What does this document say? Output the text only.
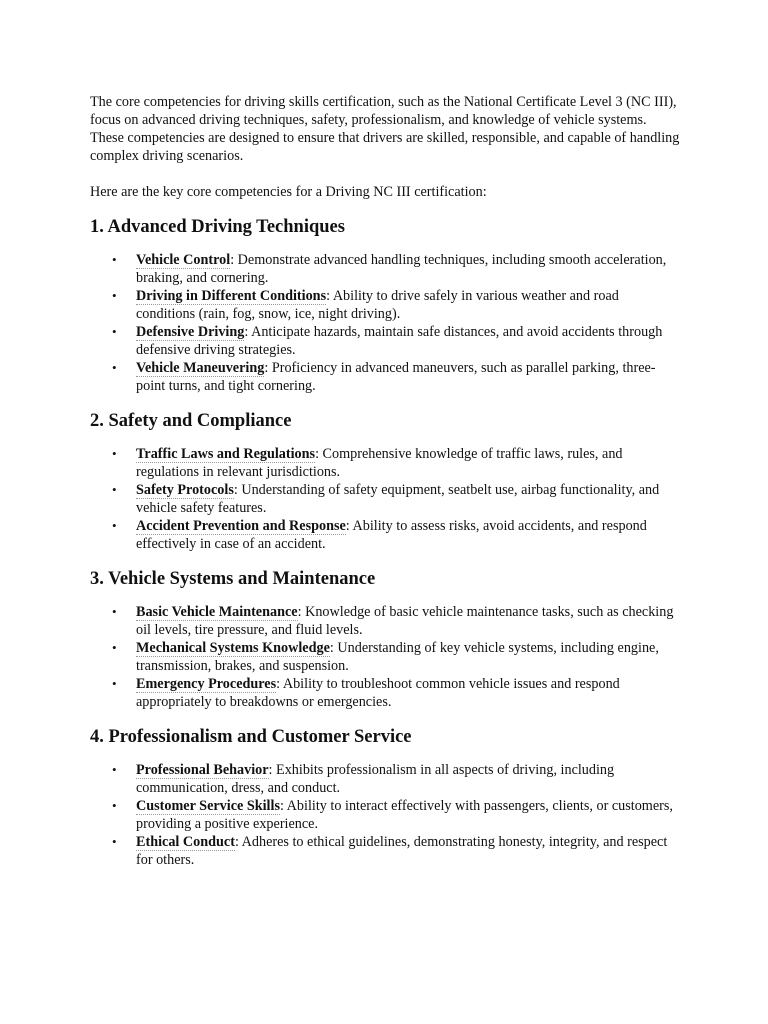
The core competencies for driving skills certification, such as the National Certificate Level 3 (NC III), focus on advanced driving techniques, safety, professionalism, and knowledge of vehicle systems. These competencies are designed to ensure that drivers are skilled, responsible, and capable of handling complex driving scenarios.

Here are the key core competencies for a Driving NC III certification:

1. Advanced Driving Techniques
• Vehicle Control: Demonstrate advanced handling techniques, including smooth acceleration, braking, and cornering.
• Driving in Different Conditions: Ability to drive safely in various weather and road conditions (rain, fog, snow, ice, night driving).
• Defensive Driving: Anticipate hazards, maintain safe distances, and avoid accidents through defensive driving strategies.
• Vehicle Maneuvering: Proficiency in advanced maneuvers, such as parallel parking, three-point turns, and tight cornering.
2. Safety and Compliance
• Traffic Laws and Regulations: Comprehensive knowledge of traffic laws, rules, and regulations in relevant jurisdictions.
• Safety Protocols: Understanding of safety equipment, seatbelt use, airbag functionality, and vehicle safety features.
• Accident Prevention and Response: Ability to assess risks, avoid accidents, and respond effectively in case of an accident.
3. Vehicle Systems and Maintenance
• Basic Vehicle Maintenance: Knowledge of basic vehicle maintenance tasks, such as checking oil levels, tire pressure, and fluid levels.
• Mechanical Systems Knowledge: Understanding of key vehicle systems, including engine, transmission, brakes, and suspension.
• Emergency Procedures: Ability to troubleshoot common vehicle issues and respond appropriately to breakdowns or emergencies.
4. Professionalism and Customer Service
• Professional Behavior: Exhibits professionalism in all aspects of driving, including communication, dress, and conduct.
• Customer Service Skills: Ability to interact effectively with passengers, clients, or customers, providing a positive experience.
• Ethical Conduct: Adheres to ethical guidelines, demonstrating honesty, integrity, and respect for others.
